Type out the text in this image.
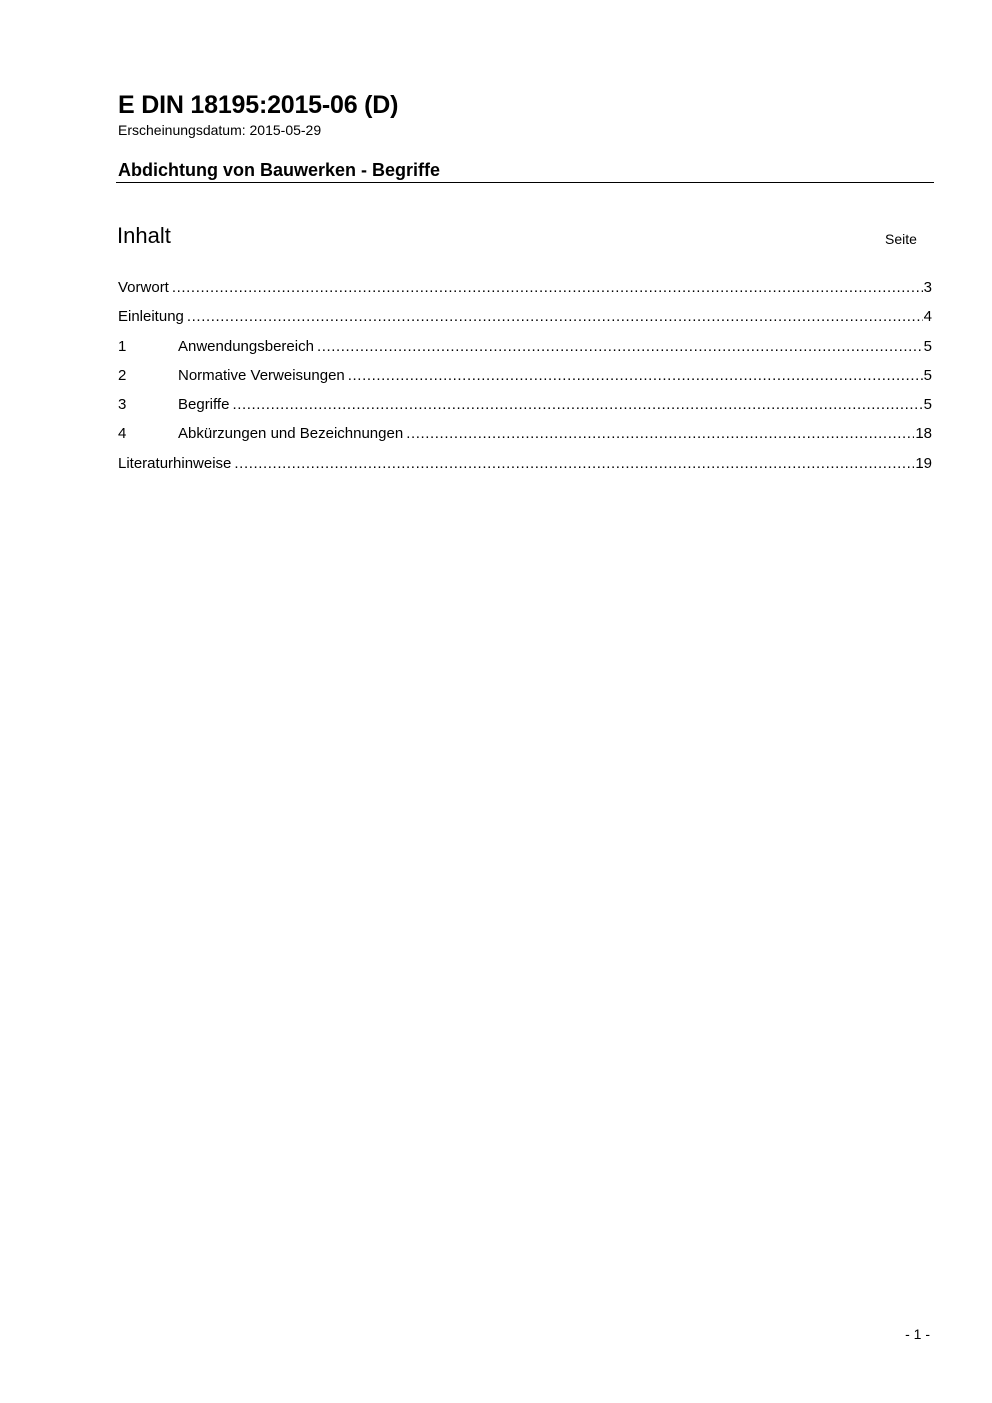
E DIN 18195:2015-06 (D)
Erscheinungsdatum: 2015-05-29
Abdichtung von Bauwerken - Begriffe
Inhalt	Seite
Vorwort .....	3
Einleitung .....	4
1	Anwendungsbereich .....	5
2	Normative Verweisungen .....	5
3	Begriffe .....	5
4	Abkürzungen und Bezeichnungen .....	18
Literaturhinweise .....	19
- 1 -
